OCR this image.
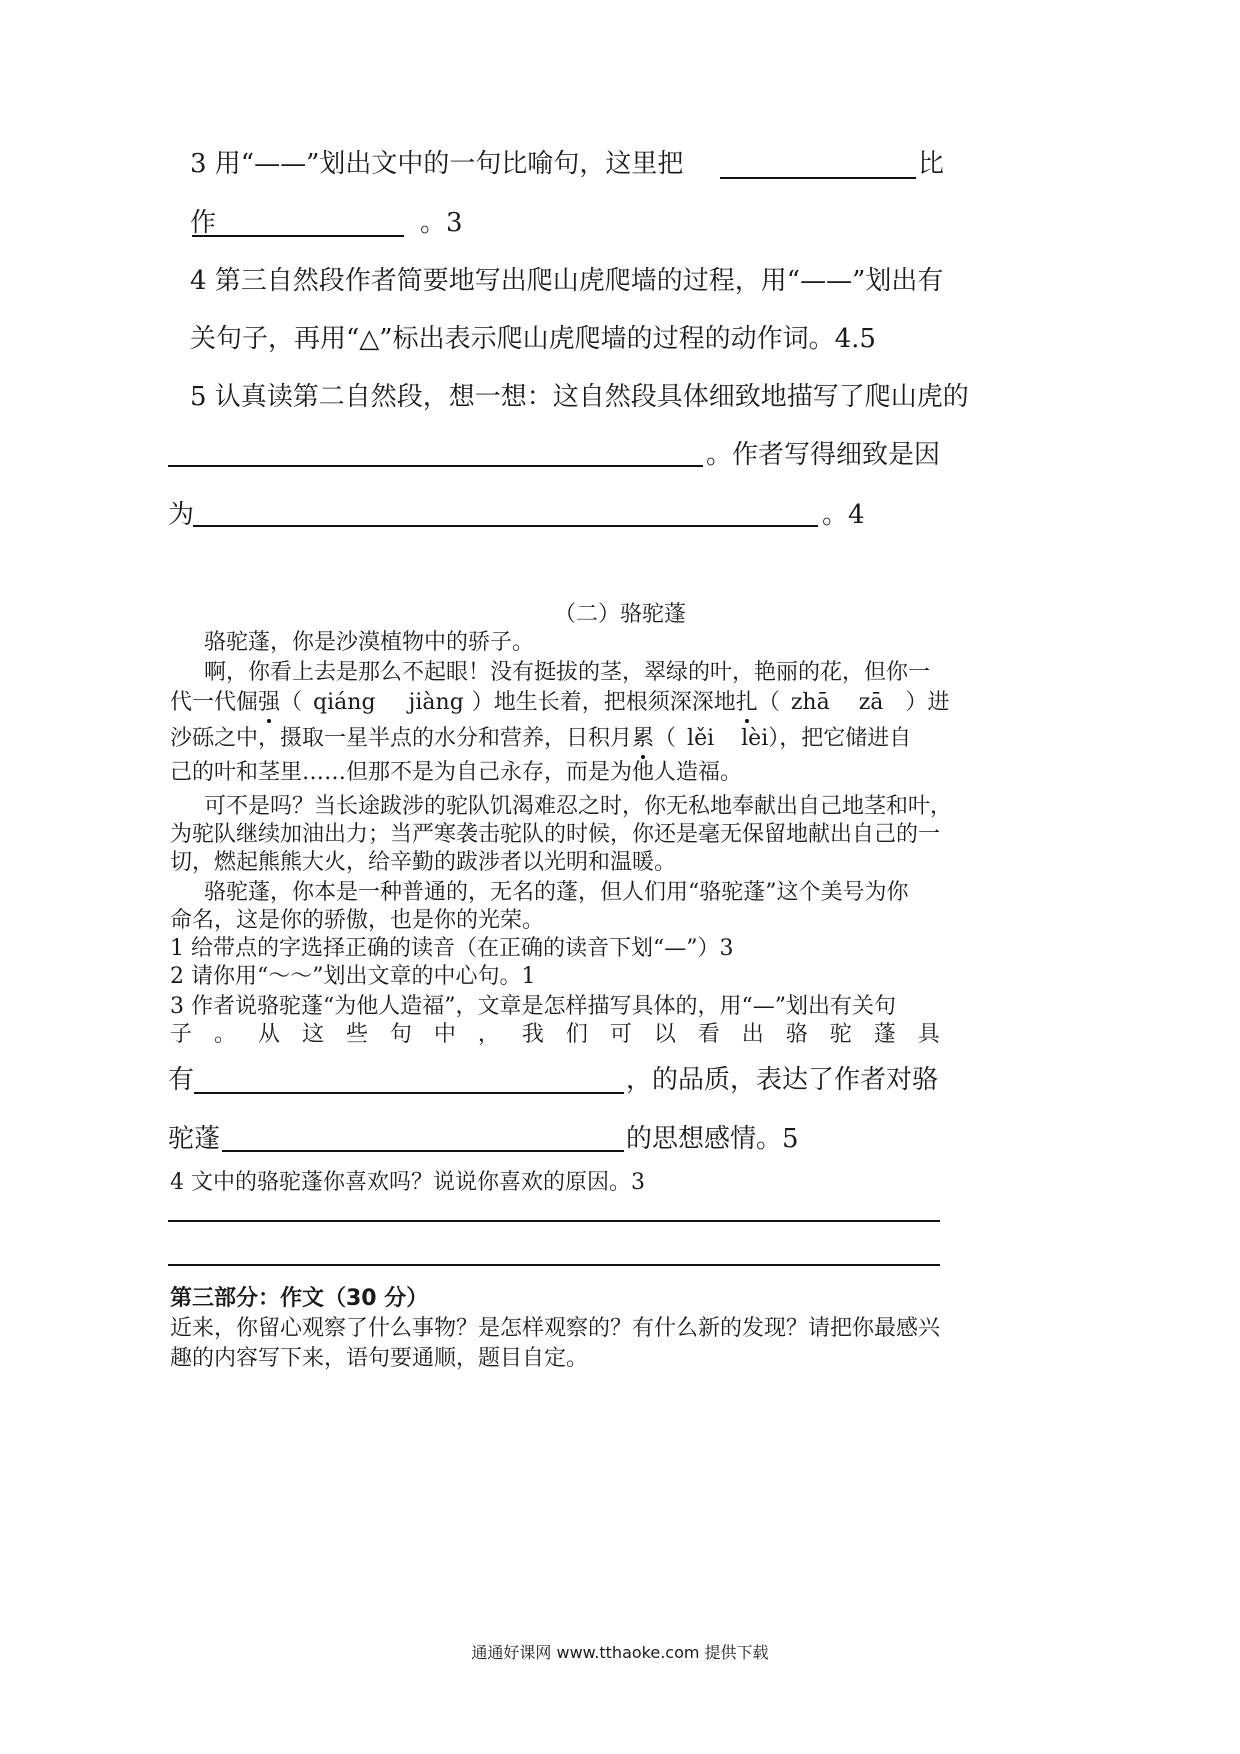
3 用“——”划出文中的一句比喻句，这里把	比
作	。3
4 第三自然段作者简要地写出爬山虎爬墙的过程，用“——”划出有
关句子，再用“△”标出表示爬山虎爬墙的过程的动作词。4.5
5 认真读第二自然段，想一想：这自然段具体细致地描写了爬山虎的
。作者写得细致是因
为	。4
（二）骆驼蓬
骆驼蓬，你是沙漠植物中的骄子。
啊，你看上去是那么不起眼！没有挺拔的茎，翠绿的叶，艳丽的花，但你一
代一代倔强（ qiáng jiàng ）地生长着，把根须深深地扎（ zhā zā ）进
沙砾之中，摄取一星半点的水分和营养，日积月累（ lěi lèi），把它储进自
己的叶和茎里……但那不是为自己永存，而是为他人造福。
可不是吗？当长途跋涉的驼队饥渴难忍之时，你无私地奉献出自己地茎和叶，
为驼队继续加油出力；当严寒袭击驼队的时候，你还是毫无保留地献出自己的一
切，燃起熊熊大火，给辛勤的跋涉者以光明和温暖。
骆驼蓬，你本是一种普通的，无名的蓬，但人们用“骆驼蓬”这个美号为你
命名，这是你的骄傲，也是你的光荣。
1 给带点的字选择正确的读音（在正确的读音下划“—”）3
2 请你用“～～”划出文章的中心句。1
3 作者说骆驼蓬“为他人造福”，文章是怎样描写具体的，用“—”划出有关句
子 。 从 这 些 句 中 ， 我 们 可 以 看 出 骆 驼 蓬 具
有	，的品质，表达了作者对骆
驼蓬	的思想感情。5
4 文中的骆驼蓬你喜欢吗？说说你喜欢的原因。3
第三部分：作文（30 分）
近来，你留心观察了什么事物？是怎样观察的？有什么新的发现？请把你最感兴
趣的内容写下来，语句要通顺，题目自定。
通通好课网 www.tthaoke.com 提供下载
